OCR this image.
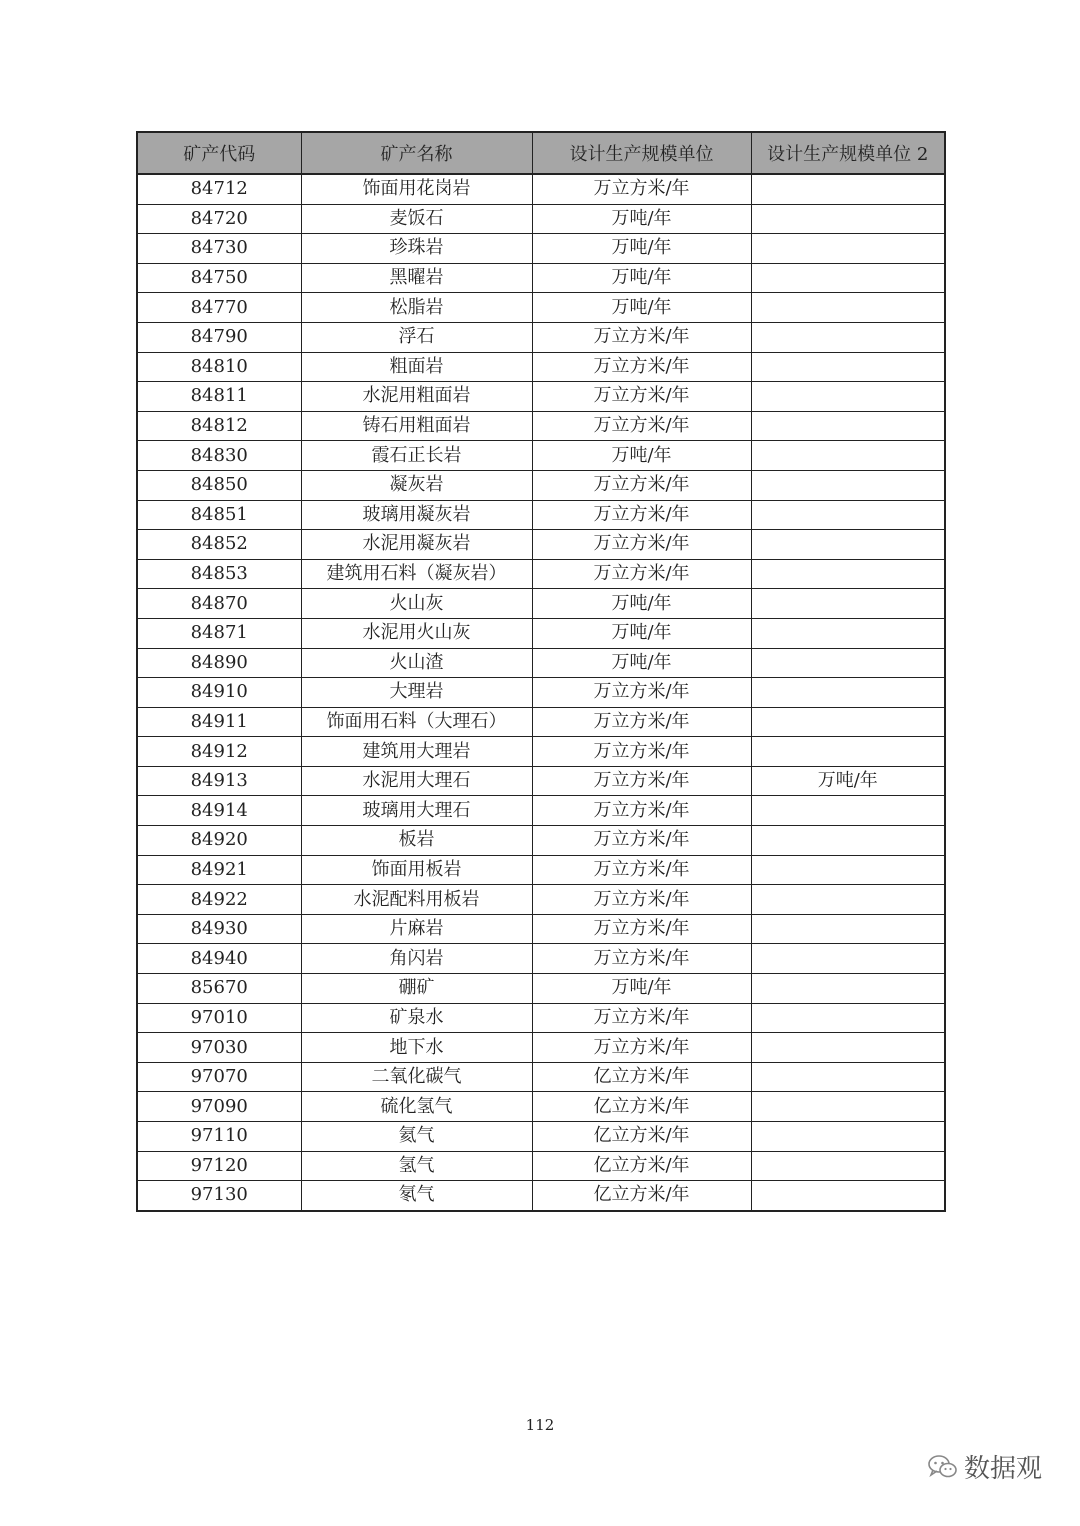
矿产代码	矿产名称	设计生产规模单位	设计生产规模单位 2
84712	饰面用花岗岩	万立方米/年	
84720	麦饭石	万吨/年	
84730	珍珠岩	万吨/年	
84750	黑曜岩	万吨/年	
84770	松脂岩	万吨/年	
84790	浮石	万立方米/年	
84810	粗面岩	万立方米/年	
84811	水泥用粗面岩	万立方米/年	
84812	铸石用粗面岩	万立方米/年	
84830	霞石正长岩	万吨/年	
84850	凝灰岩	万立方米/年	
84851	玻璃用凝灰岩	万立方米/年	
84852	水泥用凝灰岩	万立方米/年	
84853	建筑用石料（凝灰岩）	万立方米/年	
84870	火山灰	万吨/年	
84871	水泥用火山灰	万吨/年	
84890	火山渣	万吨/年	
84910	大理岩	万立方米/年	
84911	饰面用石料（大理石）	万立方米/年	
84912	建筑用大理岩	万立方米/年	
84913	水泥用大理石	万立方米/年	万吨/年
84914	玻璃用大理石	万立方米/年	
84920	板岩	万立方米/年	
84921	饰面用板岩	万立方米/年	
84922	水泥配料用板岩	万立方米/年	
84930	片麻岩	万立方米/年	
84940	角闪岩	万立方米/年	
85670	硼矿	万吨/年	
97010	矿泉水	万立方米/年	
97030	地下水	万立方米/年	
97070	二氧化碳气	亿立方米/年	
97090	硫化氢气	亿立方米/年	
97110	氦气	亿立方米/年	
97120	氢气	亿立方米/年	
97130	氡气	亿立方米/年	
112
数据观
